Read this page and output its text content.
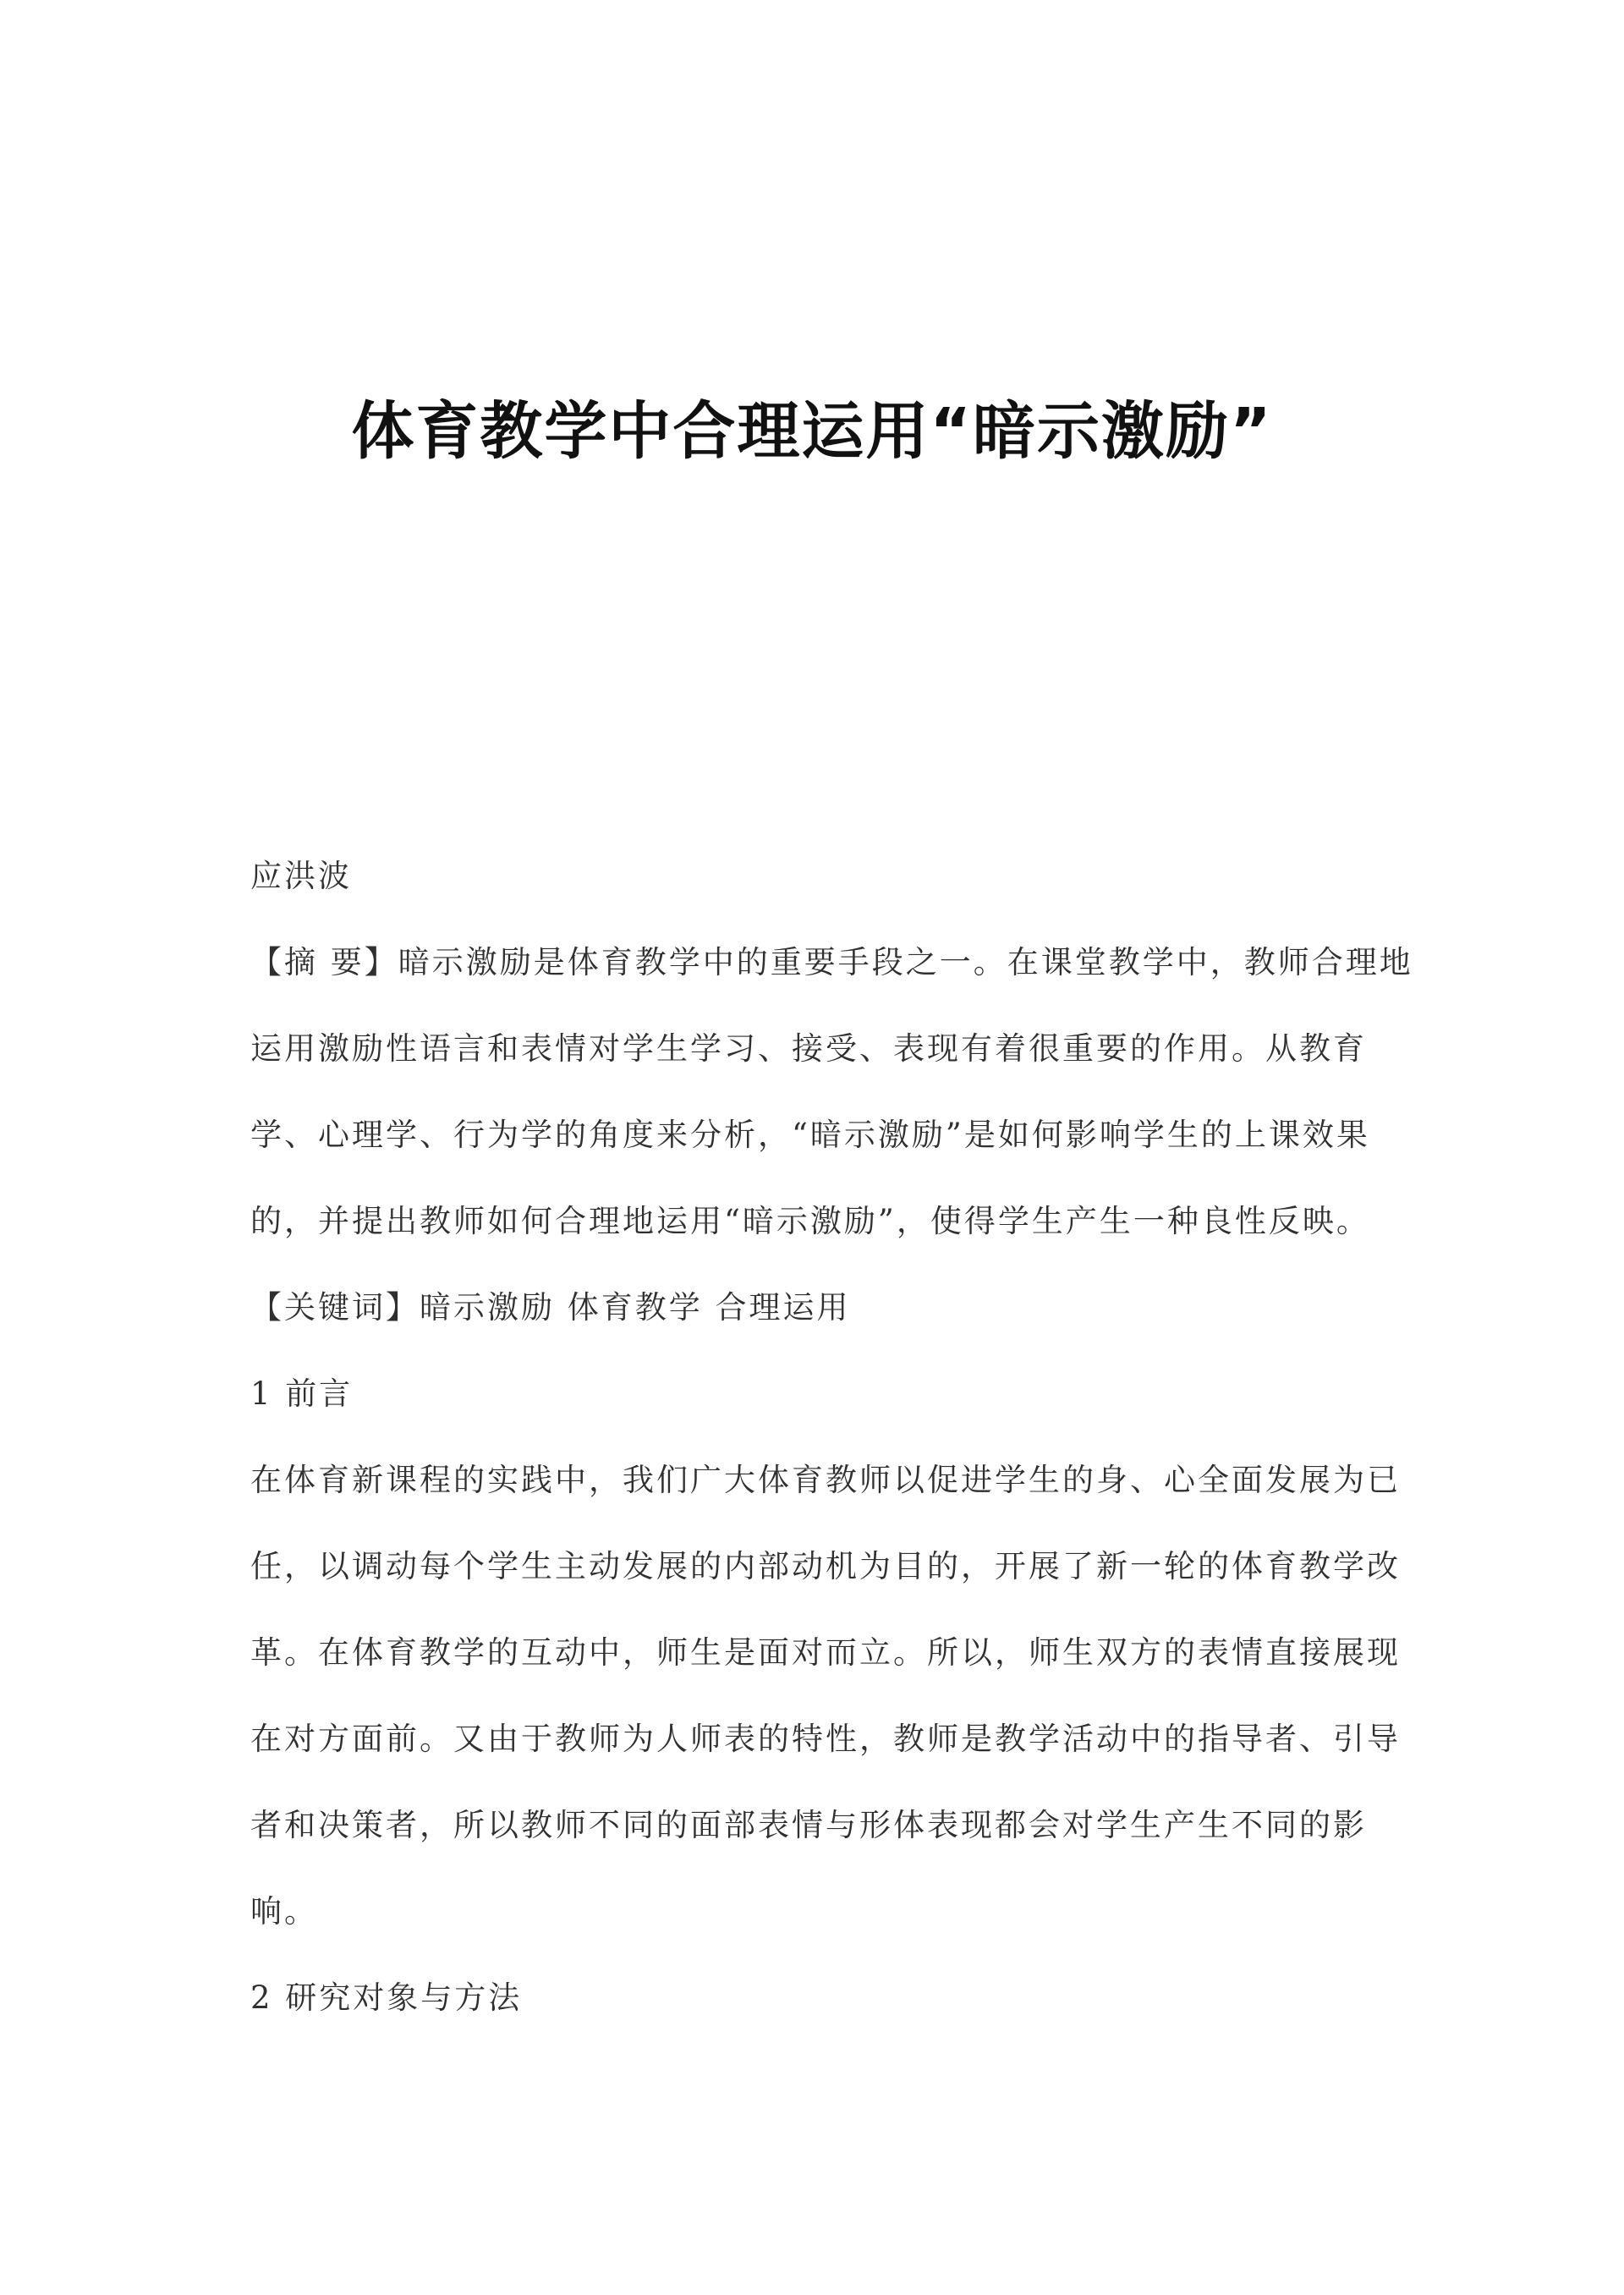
体育教学中合理运用“暗示激励”
应洪波
【摘 要】暗示激励是体育教学中的重要手段之一。在课堂教学中，教师合理地
运用激励性语言和表情对学生学习、接受、表现有着很重要的作用。从教育
学、心理学、行为学的角度来分析，“暗示激励”是如何影响学生的上课效果
的，并提出教师如何合理地运用“暗示激励”，使得学生产生一种良性反映。
【关键词】暗示激励 体育教学 合理运用
1 前言
在体育新课程的实践中，我们广大体育教师以促进学生的身、心全面发展为已
任，以调动每个学生主动发展的内部动机为目的，开展了新一轮的体育教学改
革。在体育教学的互动中，师生是面对而立。所以，师生双方的表情直接展现
在对方面前。又由于教师为人师表的特性，教师是教学活动中的指导者、引导
者和决策者，所以教师不同的面部表情与形体表现都会对学生产生不同的影
响。
2 研究对象与方法
